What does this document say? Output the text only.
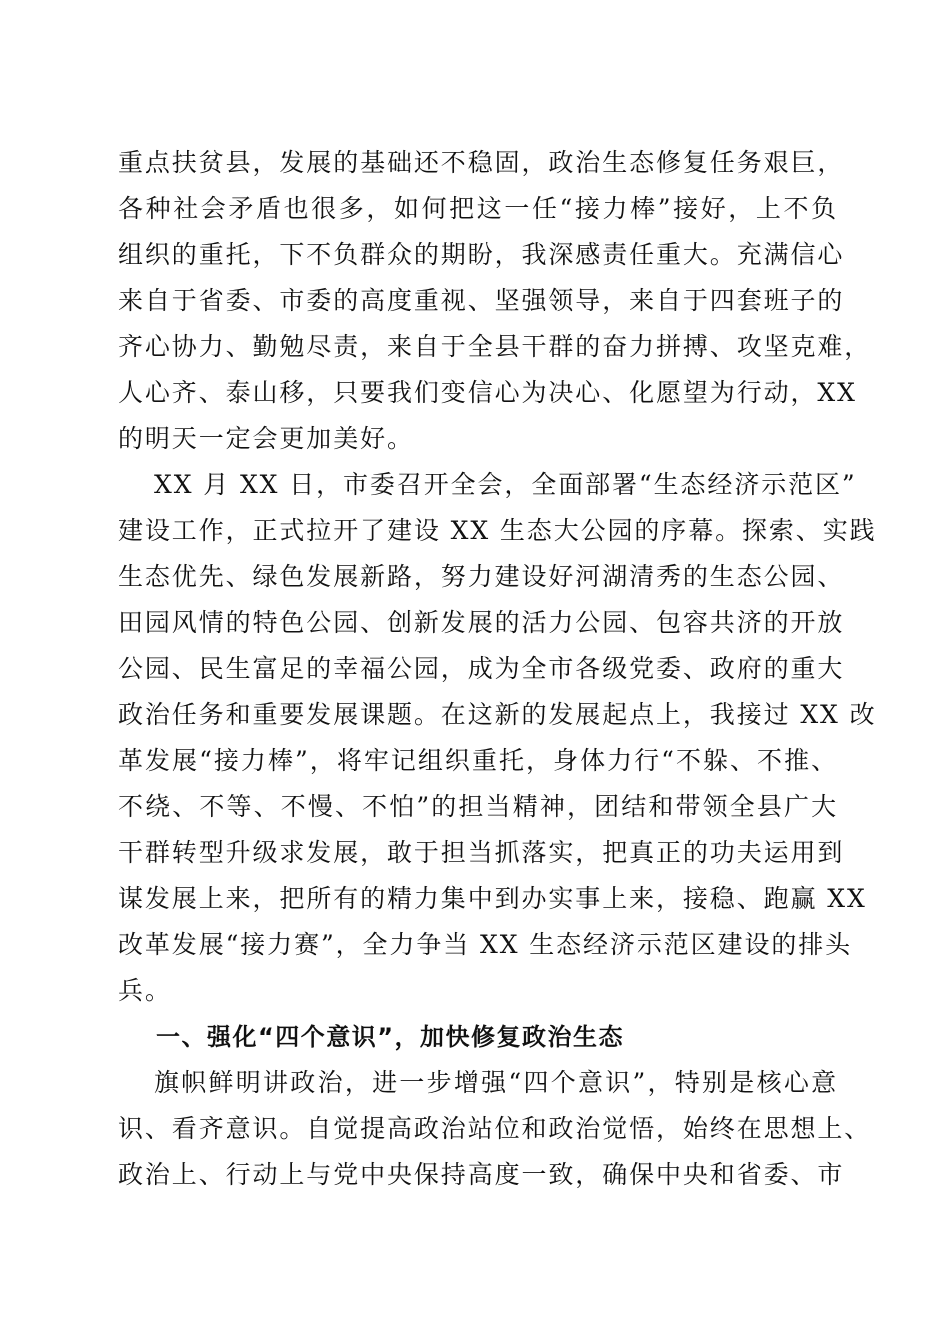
重点扶贫县，发展的基础还不稳固，政治生态修复任务艰巨，
各种社会矛盾也很多，如何把这一任“接力棒”接好，上不负
组织的重托，下不负群众的期盼，我深感责任重大。充满信心
来自于省委、市委的高度重视、坚强领导，来自于四套班子的
齐心协力、勤勉尽责，来自于全县干群的奋力拼搏、攻坚克难，
人心齐、泰山移，只要我们变信心为决心、化愿望为行动，XX
的明天一定会更加美好。
XX 月 XX 日，市委召开全会，全面部署“生态经济示范区”
建设工作，正式拉开了建设 XX 生态大公园的序幕。探索、实践
生态优先、绿色发展新路，努力建设好河湖清秀的生态公园、
田园风情的特色公园、创新发展的活力公园、包容共济的开放
公园、民生富足的幸福公园，成为全市各级党委、政府的重大
政治任务和重要发展课题。在这新的发展起点上，我接过 XX 改
革发展“接力棒”，将牢记组织重托，身体力行“不躲、不推、
不绕、不等、不慢、不怕”的担当精神，团结和带领全县广大
干群转型升级求发展，敢于担当抓落实，把真正的功夫运用到
谋发展上来，把所有的精力集中到办实事上来，接稳、跑赢 XX
改革发展“接力赛”，全力争当 XX 生态经济示范区建设的排头
兵。
一、强化“四个意识”，加快修复政治生态
旗帜鲜明讲政治，进一步增强“四个意识”，特别是核心意
识、看齐意识。自觉提高政治站位和政治觉悟，始终在思想上、
政治上、行动上与党中央保持高度一致，确保中央和省委、市
